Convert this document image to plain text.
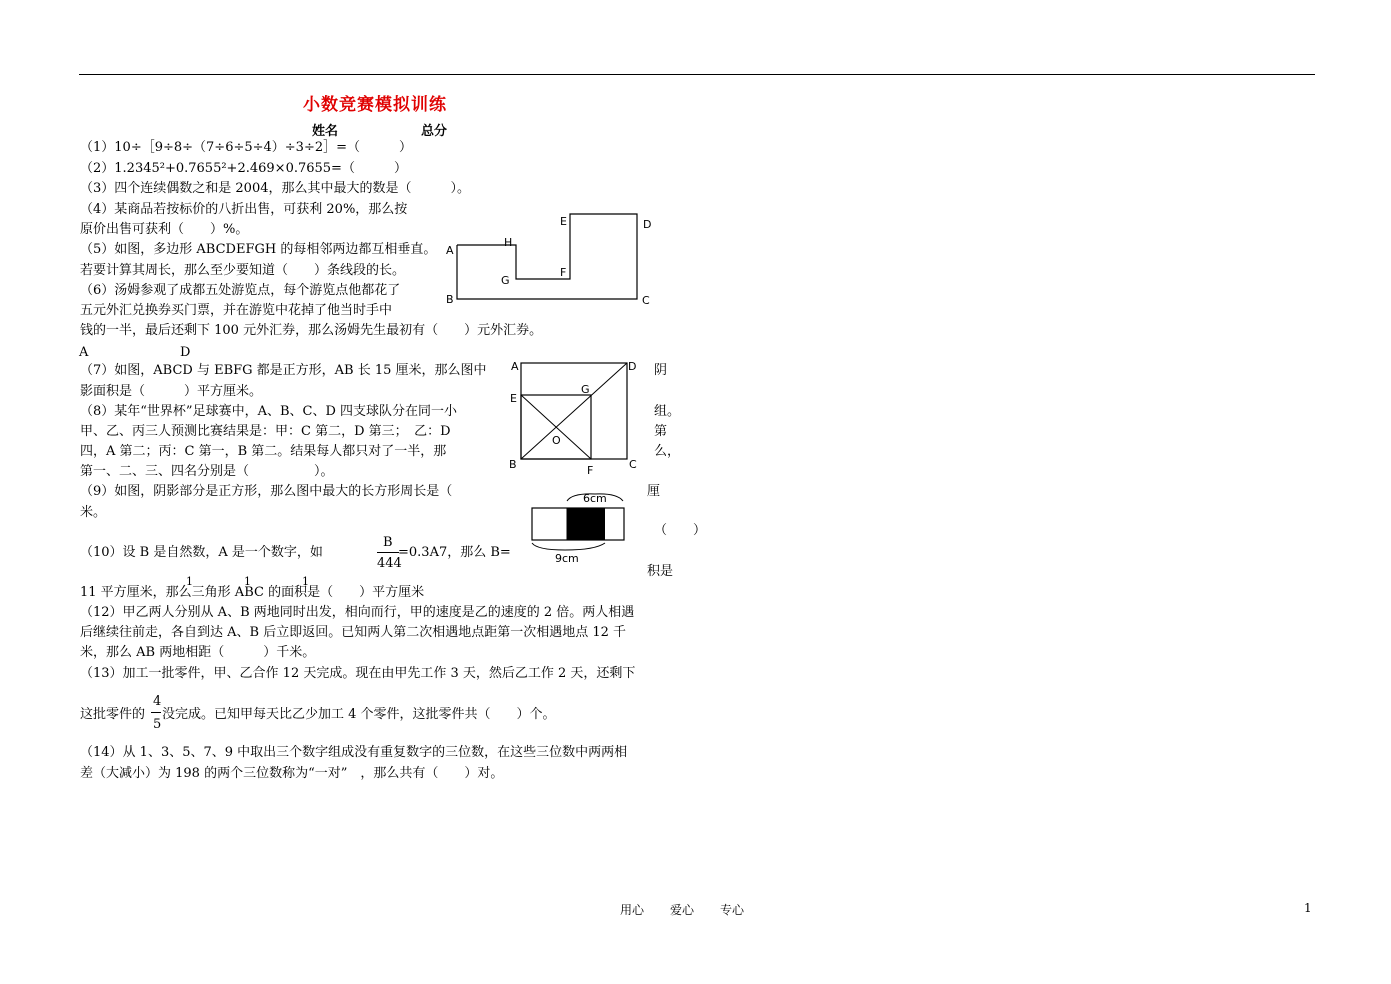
小数竞赛模拟训练
姓名	总分
（1）10÷［9÷8÷（7÷6÷5÷4）÷3÷2］=（　　　）
（2）1.2345²+0.7655²+2.469×0.7655=（　　　）
（3）四个连续偶数之和是 2004，那么其中最大的数是（　　　）。
（4）某商品若按标价的八折出售，可获利 20%，那么按
原价出售可获利（　　）%。
（5）如图，多边形 ABCDEFGH 的每相邻两边都互相垂直。
若要计算其周长，那么至少要知道（　　）条线段的长。
（6）汤姆参观了成都五处游览点，每个游览点他都花了
五元外汇兑换券买门票，并在游览中花掉了他当时手中
钱的一半，最后还剩下 100 元外汇券，那么汤姆先生最初有（　　）元外汇券。
A	D
（7）如图，ABCD 与 EBFG 都是正方形，AB 长 15 厘米，那么图中	阴
影面积是（　　　）平方厘米。
（8）某年“世界杯”足球赛中，A、B、C、D 四支球队分在同一小	组。
甲、乙、丙三人预测比赛结果是：甲：C 第二，D 第三；　乙：D	第
四，A 第二；丙：C 第一，B 第二。结果每人都只对了一半，那	么，
第一、二、三、四名分别是（　　　　　）。
（9）如图，阴影部分是正方形，那么图中最大的长方形周长是（	厘
米。
（　　）
（10）设 B 是自然数，A 是一个数字，如
B
444
=0.3A7，那么 B=
积是
11 平方厘米，那么三角形 ABC 的面积是（　　）平方厘米
1	1	1
（12）甲乙两人分别从 A、B 两地同时出发，相向而行，甲的速度是乙的速度的 2 倍。两人相遇
后继续往前走，各自到达 A、B 后立即返回。已知两人第二次相遇地点距第一次相遇地点 12 千
米，那么 AB 两地相距（　　　）千米。
（13）加工一批零件，甲、乙合作 12 天完成。现在由甲先工作 3 天，然后乙工作 2 天，还剩下
这批零件的
4
5
没完成。已知甲每天比乙少加工 4 个零件，这批零件共（　　）个。
（14）从 1、3、5、7、9 中取出三个数字组成没有重复数字的三位数，在这些三位数中两两相
差（大减小）为 198 的两个三位数称为“一对”　，那么共有（　　）对。
A
B	C
D
E
F
G
H
A
B	C
D
E
F
G
O
6cm
9cm
用心 爱心 专心	1
